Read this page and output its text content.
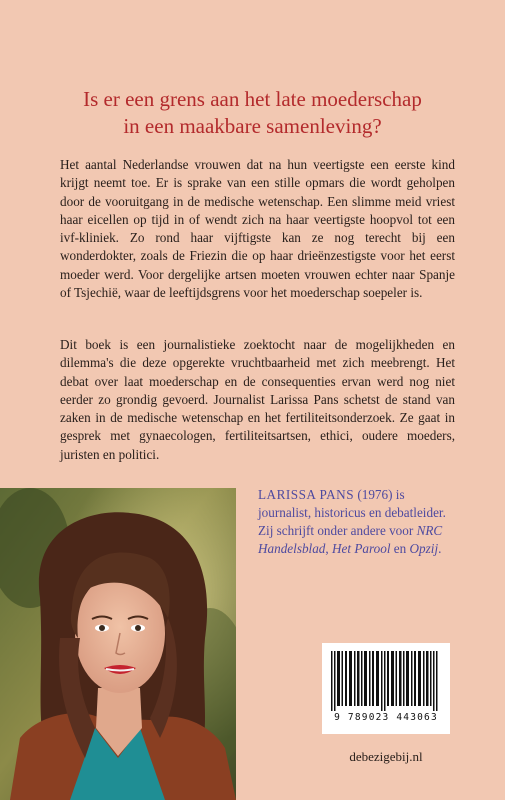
Is er een grens aan het late moederschap
in een maakbare samenleving?

Het aantal Nederlandse vrouwen dat na hun veertigste een eerste kind krijgt neemt toe. Er is sprake van een stille opmars die wordt geholpen door de vooruitgang in de medische wetenschap. Een slimme meid vriest haar eicellen op tijd in of wendt zich na haar veertigste hoopvol tot een ivf-kliniek. Zo rond haar vijftigste kan ze nog terecht bij een wonderdokter, zoals de Friezin die op haar drieënzestigste voor het eerst moeder werd. Voor dergelijke artsen moeten vrouwen echter naar Spanje of Tsjechië, waar de leeftijdsgrens voor het moederschap soepeler is.

Dit boek is een journalistieke zoektocht naar de mogelijkheden en dilemma's die deze opgerekte vruchtbaarheid met zich meebrengt. Het debat over laat moederschap en de consequenties ervan werd nog niet eerder zo grondig gevoerd. Journalist Larissa Pans schetst de stand van zaken in de medische wetenschap en het fertiliteitsonderzoek. Ze gaat in gesprek met gynaecologen, fertiliteitsartsen, ethici, oudere moeders, juristen en politici.

LARISSA PANS (1976) is journalist, historicus en debatleider. Zij schrijft onder andere voor NRC Handelsblad, Het Parool en Opzij.
9 789023 443063
debezigebij.nl
